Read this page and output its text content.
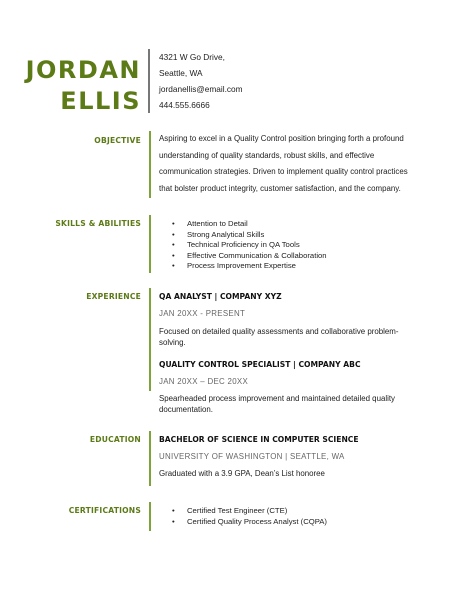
JORDAN
ELLIS
4321 W Go Drive,
Seattle, WA
jordanellis@email.com
444.555.6666
OBJECTIVE Aspiring to excel in a Quality Control position bringing forth a profound
understanding of quality standards, robust skills, and effective
communication strategies. Driven to implement quality control practices
that bolster product integrity, customer satisfaction, and the company.
SKILLS & ABILITIES	• Attention to Detail
• Strong Analytical Skills
• Technical Proficiency in QA Tools
• Effective Communication & Collaboration
• Process Improvement Expertise
EXPERIENCE QA ANALYST | COMPANY XYZ
JAN 20XX - PRESENT
Focused on detailed quality assessments and collaborative problem-
solving.
QUALITY CONTROL SPECIALIST | COMPANY ABC
JAN 20XX – DEC 20XX
Spearheaded process improvement and maintained detailed quality
documentation.
EDUCATION BACHELOR OF SCIENCE IN COMPUTER SCIENCE
UNIVERSITY OF WASHINGTON | SEATTLE, WA
Graduated with a 3.9 GPA, Dean’s List honoree
CERTIFICATIONS	• Certified Test Engineer (CTE)
• Certified Quality Process Analyst (CQPA)
